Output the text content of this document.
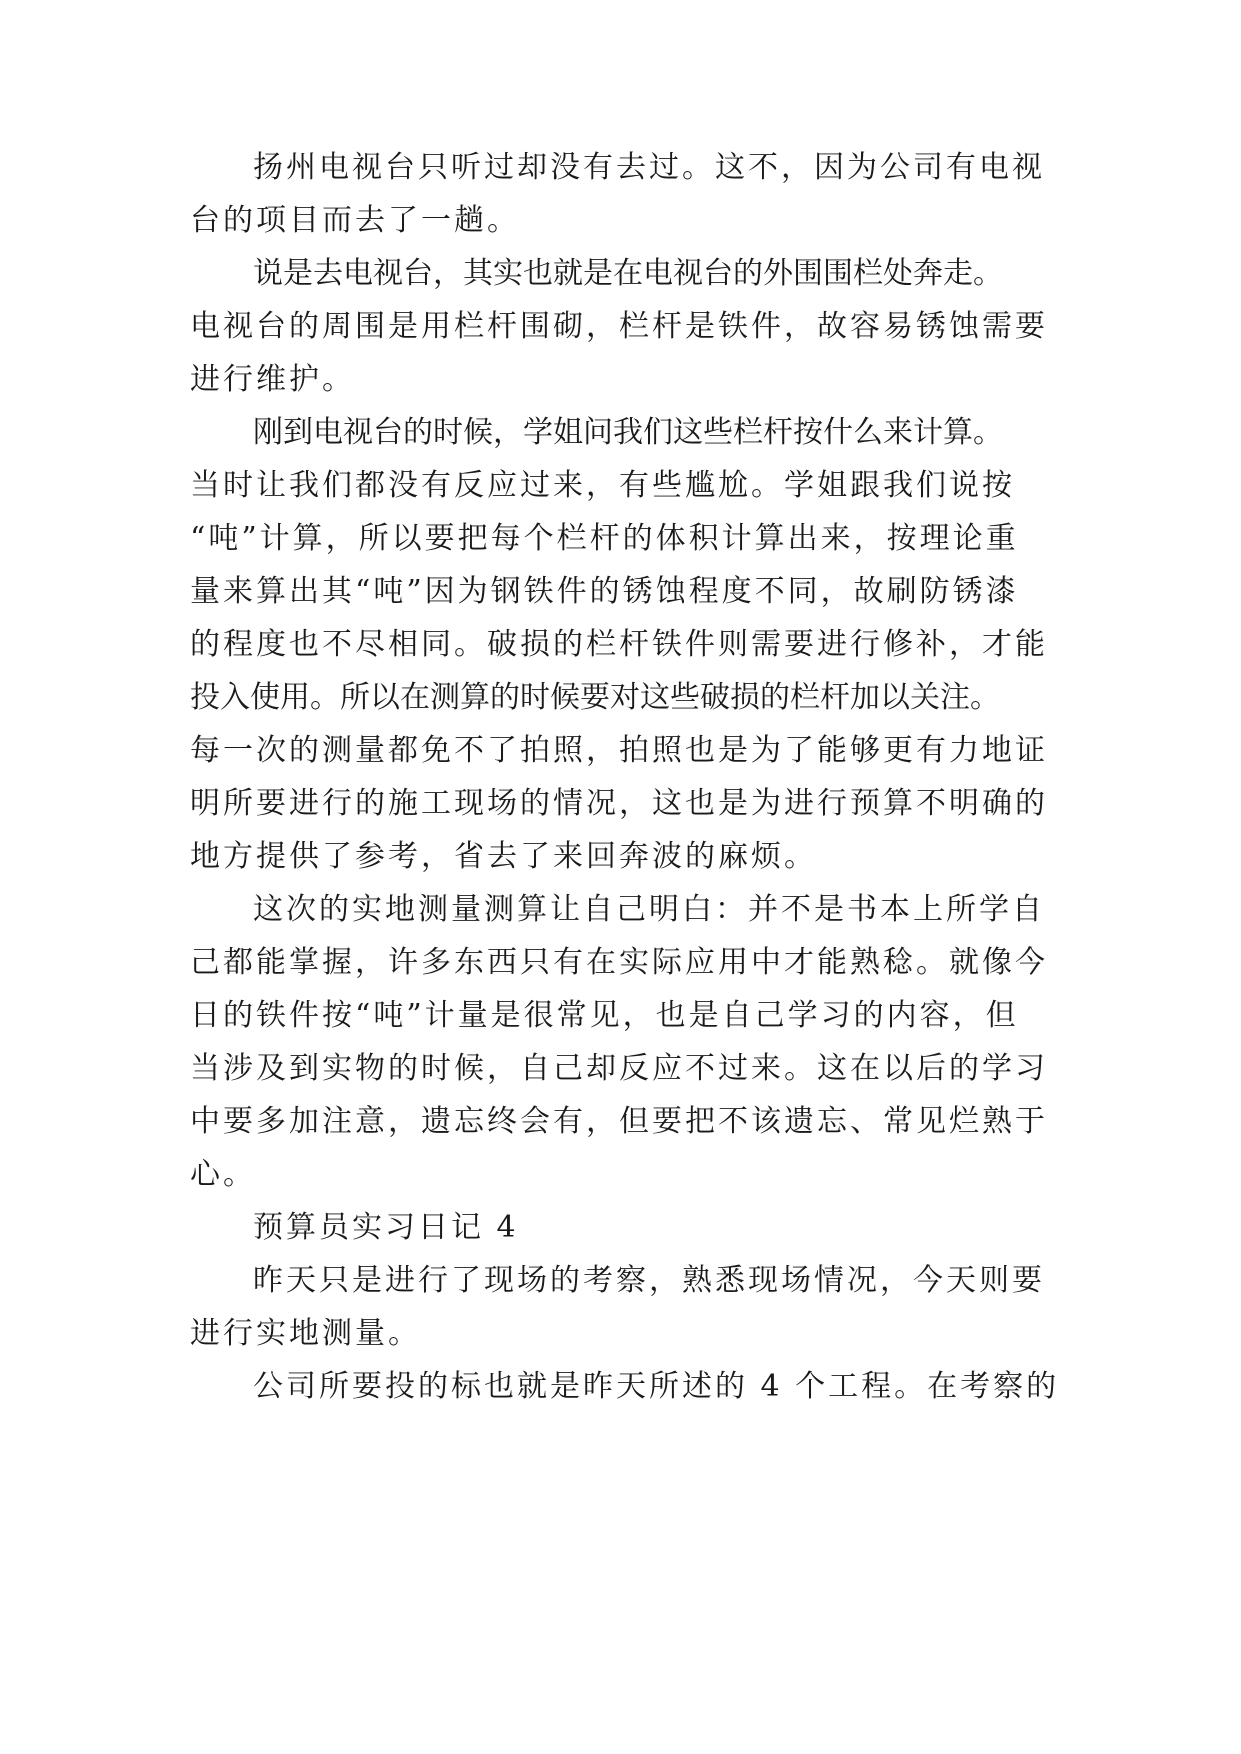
扬州电视台只听过却没有去过。这不，因为公司有电视
台的项目而去了一趟。
说是去电视台，其实也就是在电视台的外围围栏处奔走。
电视台的周围是用栏杆围砌，栏杆是铁件，故容易锈蚀需要
进行维护。
刚到电视台的时候，学姐问我们这些栏杆按什么来计算。
当时让我们都没有反应过来，有些尴尬。学姐跟我们说按
“吨”计算，所以要把每个栏杆的体积计算出来，按理论重
量来算出其“吨”因为钢铁件的锈蚀程度不同，故刷防锈漆
的程度也不尽相同。破损的栏杆铁件则需要进行修补，才能
投入使用。所以在测算的时候要对这些破损的栏杆加以关注。
每一次的测量都免不了拍照，拍照也是为了能够更有力地证
明所要进行的施工现场的情况，这也是为进行预算不明确的
地方提供了参考，省去了来回奔波的麻烦。
这次的实地测量测算让自己明白：并不是书本上所学自
己都能掌握，许多东西只有在实际应用中才能熟稔。就像今
日的铁件按“吨”计量是很常见，也是自己学习的内容，但
当涉及到实物的时候，自己却反应不过来。这在以后的学习
中要多加注意，遗忘终会有，但要把不该遗忘、常见烂熟于
心。
预算员实习日记 4
昨天只是进行了现场的考察，熟悉现场情况，今天则要
进行实地测量。
公司所要投的标也就是昨天所述的 4 个工程。在考察的
